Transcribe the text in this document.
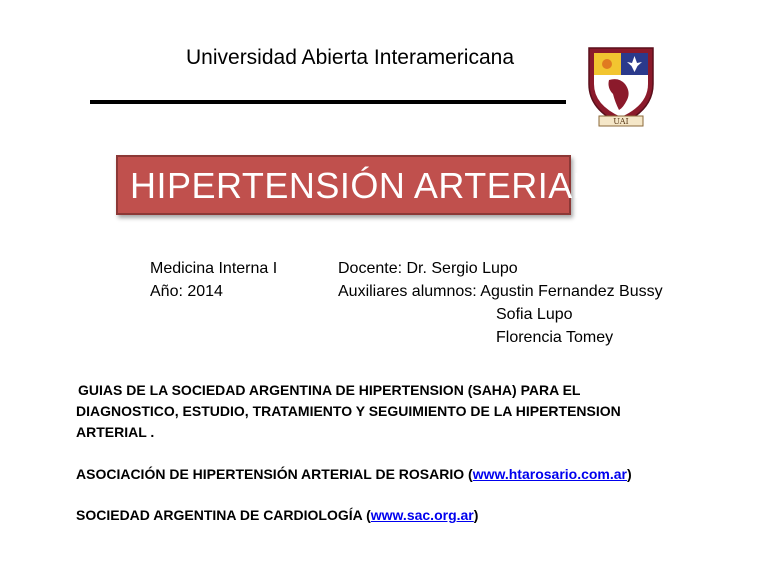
Universidad Abierta Interamericana
UAI
HIPERTENSIÓN ARTERIAL
Medicina Interna I
Año: 2014
Docente: Dr. Sergio Lupo
Auxiliares alumnos: Agustin Fernandez Bussy
Sofia Lupo
Florencia Tomey
GUIAS DE LA SOCIEDAD ARGENTINA DE HIPERTENSION (SAHA) PARA EL
DIAGNOSTICO, ESTUDIO, TRATAMIENTO Y SEGUIMIENTO DE LA HIPERTENSION
ARTERIAL .
ASOCIACIÓN DE HIPERTENSIÓN ARTERIAL DE ROSARIO (www.htarosario.com.ar)
SOCIEDAD ARGENTINA DE CARDIOLOGÍA (www.sac.org.ar)
